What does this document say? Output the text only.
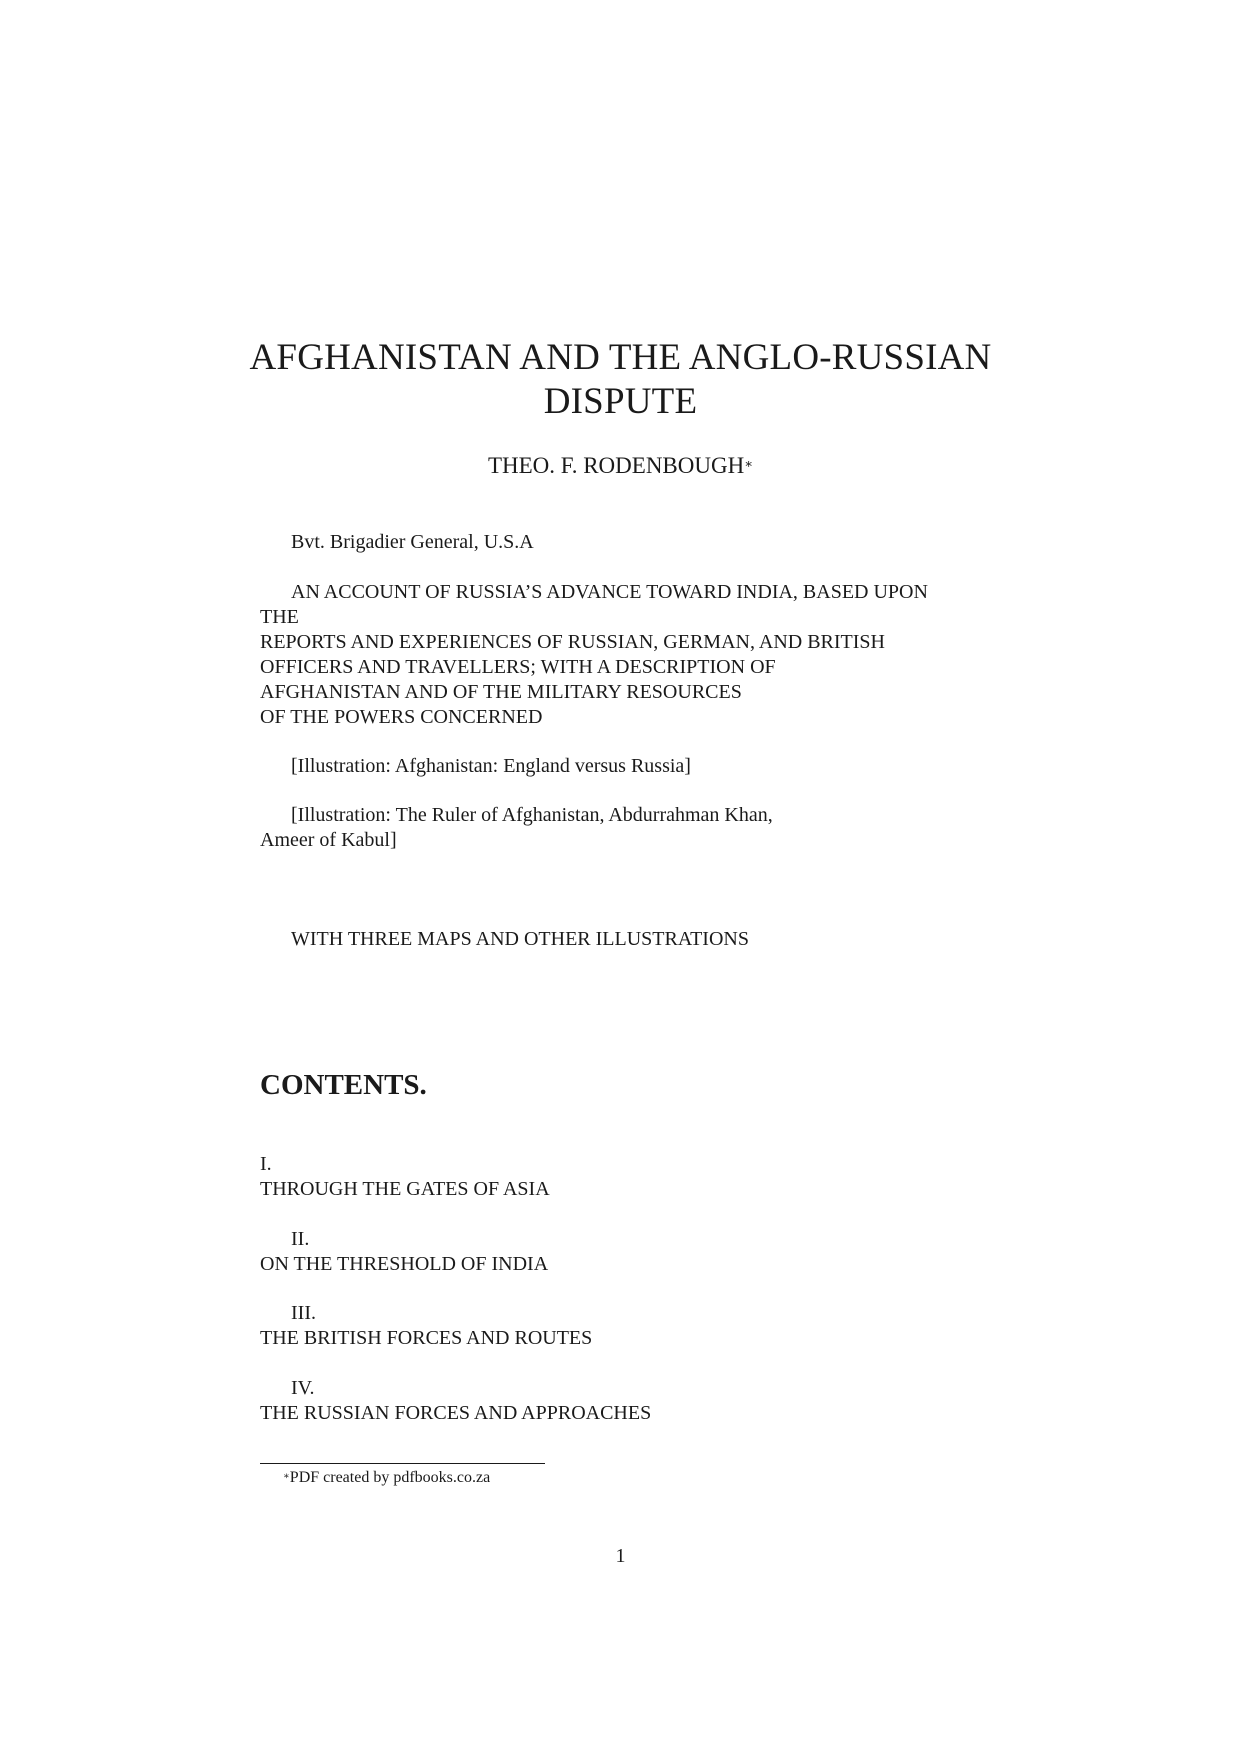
AFGHANISTAN AND THE ANGLO-RUSSIAN DISPUTE
THEO. F. RODENBOUGH∗
Bvt. Brigadier General, U.S.A
AN ACCOUNT OF RUSSIA’S ADVANCE TOWARD INDIA, BASED UPON
THE
REPORTS AND EXPERIENCES OF RUSSIAN, GERMAN, AND BRITISH
OFFICERS AND TRAVELLERS; WITH A DESCRIPTION OF
AFGHANISTAN AND OF THE MILITARY RESOURCES
OF THE POWERS CONCERNED
[Illustration: Afghanistan: England versus Russia]
[Illustration: The Ruler of Afghanistan, Abdurrahman Khan,
Ameer of Kabul]
WITH THREE MAPS AND OTHER ILLUSTRATIONS
CONTENTS.
I.
THROUGH THE GATES OF ASIA
II.
ON THE THRESHOLD OF INDIA
III.
THE BRITISH FORCES AND ROUTES
IV.
THE RUSSIAN FORCES AND APPROACHES
∗PDF created by pdfbooks.co.za
1
